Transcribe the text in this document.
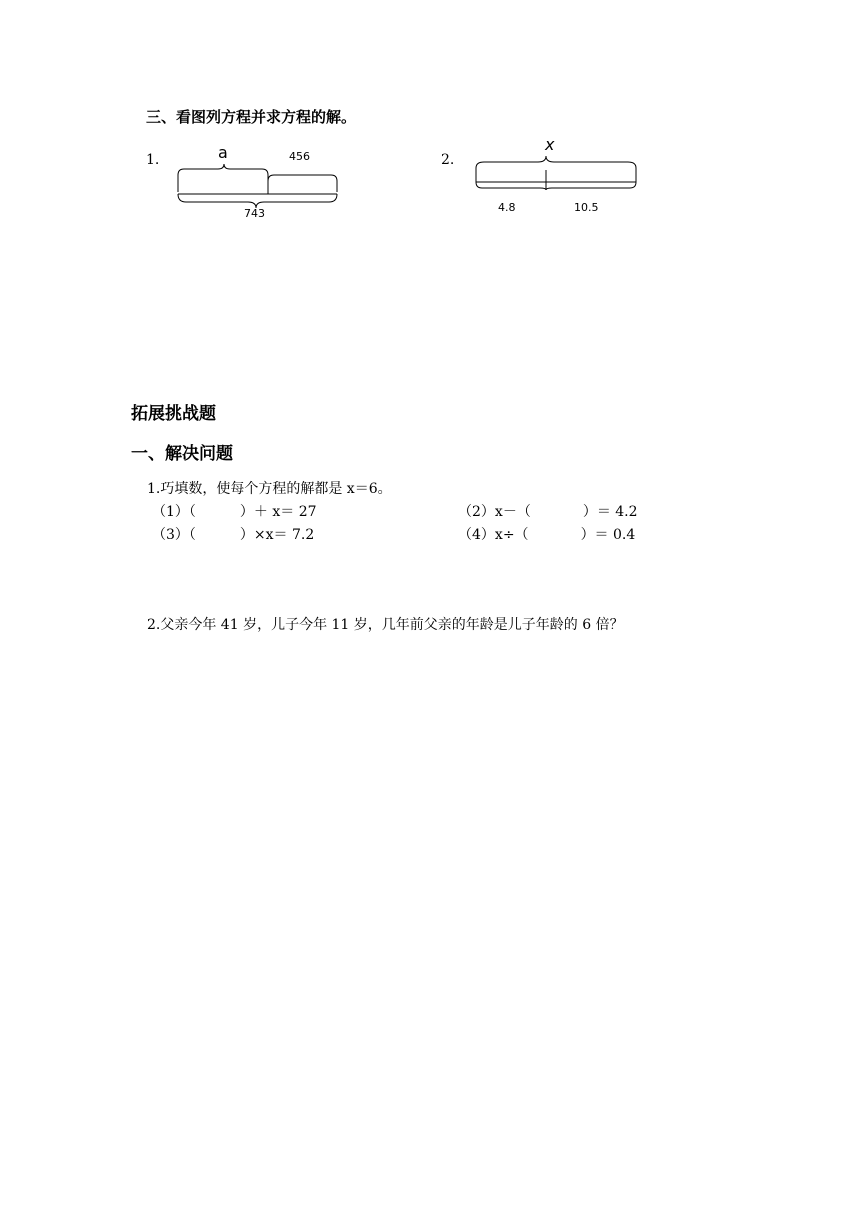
三、看图列方程并求方程的解。
1.	a	456
743
2.
x
4.8	10.5
拓展挑战题
一、解决问题
1.巧填数，使每个方程的解都是 x＝6。
（1）（	）＋ x＝ 27	（2）x－（	）＝ 4.2
（3）（	）×x＝ 7.2	（4）x÷（	）＝ 0.4
2.父亲今年 41 岁，儿子今年 11 岁，几年前父亲的年龄是儿子年龄的 6 倍？
